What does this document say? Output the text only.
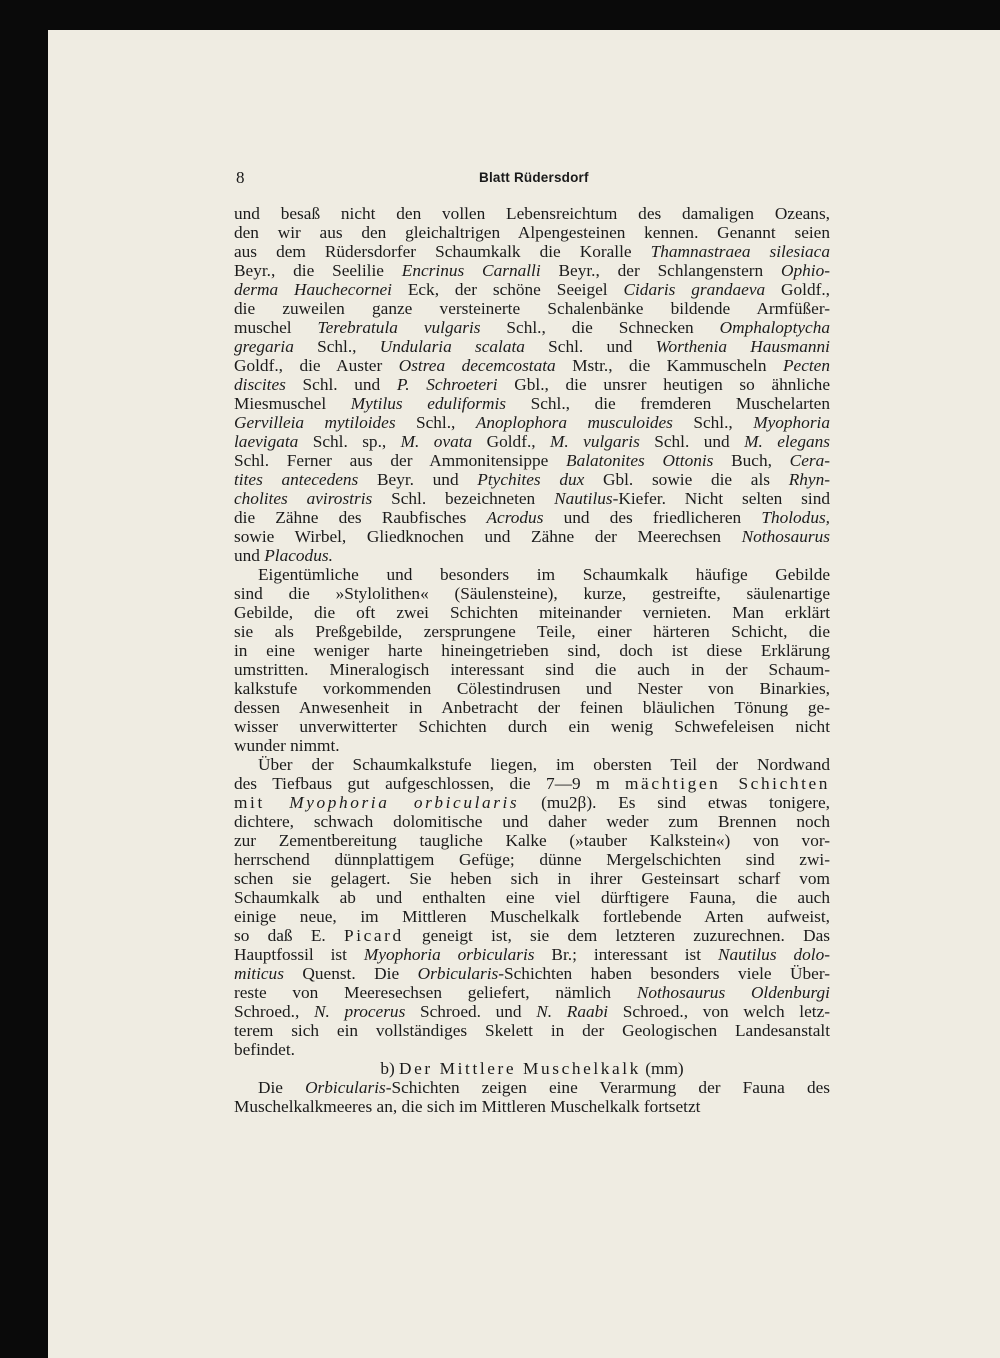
8	Blatt Rüdersdorf
und besaß nicht den vollen Lebensreichtum des damaligen Ozeans,
den wir aus den gleichaltrigen Alpengesteinen kennen. Genannt seien
aus dem Rüdersdorfer Schaumkalk die Koralle Thamnastraea silesiaca
Beyr., die Seelilie Encrinus Carnalli Beyr., der Schlangenstern Ophio-
derma Hauchecornei Eck, der schöne Seeigel Cidaris grandaeva Goldf.,
die zuweilen ganze versteinerte Schalenbänke bildende Armfüßer-
muschel Terebratula vulgaris Schl., die Schnecken Omphaloptycha
gregaria Schl., Undularia scalata Schl. und Worthenia Hausmanni
Goldf., die Auster Ostrea decemcostata Mstr., die Kammuscheln Pecten
discites Schl. und P. Schroeteri Gbl., die unsrer heutigen so ähnliche
Miesmuschel Mytilus eduliformis Schl., die fremderen Muschelarten
Gervilleia mytiloides Schl., Anoplophora musculoides Schl., Myophoria
laevigata Schl. sp., M. ovata Goldf., M. vulgaris Schl. und M. elegans
Schl. Ferner aus der Ammonitensippe Balatonites Ottonis Buch, Cera-
tites antecedens Beyr. und Ptychites dux Gbl. sowie die als Rhyn-
cholites avirostris Schl. bezeichneten Nautilus-Kiefer. Nicht selten sind
die Zähne des Raubfisches Acrodus und des friedlicheren Tholodus,
sowie Wirbel, Gliedknochen und Zähne der Meerechsen Nothosaurus
und Placodus.
Eigentümliche und besonders im Schaumkalk häufige Gebilde
sind die »Stylolithen« (Säulensteine), kurze, gestreifte, säulenartige
Gebilde, die oft zwei Schichten miteinander vernieten. Man erklärt
sie als Preßgebilde, zersprungene Teile, einer härteren Schicht, die
in eine weniger harte hineingetrieben sind, doch ist diese Erklärung
umstritten. Mineralogisch interessant sind die auch in der Schaum-
kalkstufe vorkommenden Cölestindrusen und Nester von Binarkies,
dessen Anwesenheit in Anbetracht der feinen bläulichen Tönung ge-
wisser unverwitterter Schichten durch ein wenig Schwefeleisen nicht
wunder nimmt.
Über der Schaumkalkstufe liegen, im obersten Teil der Nordwand
des Tiefbaus gut aufgeschlossen, die 7—9 m mächtigen Schichten
mit Myophoria orbicularis (mu2β). Es sind etwas tonigere,
dichtere, schwach dolomitische und daher weder zum Brennen noch
zur Zementbereitung taugliche Kalke (»tauber Kalkstein«) von vor-
herrschend dünnplattigem Gefüge; dünne Mergelschichten sind zwi-
schen sie gelagert. Sie heben sich in ihrer Gesteinsart scharf vom
Schaumkalk ab und enthalten eine viel dürftigere Fauna, die auch
einige neue, im Mittleren Muschelkalk fortlebende Arten aufweist,
so daß E. Picard geneigt ist, sie dem letzteren zuzurechnen. Das
Hauptfossil ist Myophoria orbicularis Br.; interessant ist Nautilus dolo-
miticus Quenst. Die Orbicularis-Schichten haben besonders viele Über-
reste von Meeresechsen geliefert, nämlich Nothosaurus Oldenburgi
Schroed., N. procerus Schroed. und N. Raabi Schroed., von welch letz-
terem sich ein vollständiges Skelett in der Geologischen Landesanstalt
befindet.
b) Der Mittlere Muschelkalk (mm)
Die Orbicularis-Schichten zeigen eine Verarmung der Fauna des
Muschelkalkmeeres an, die sich im Mittleren Muschelkalk fortsetzt
